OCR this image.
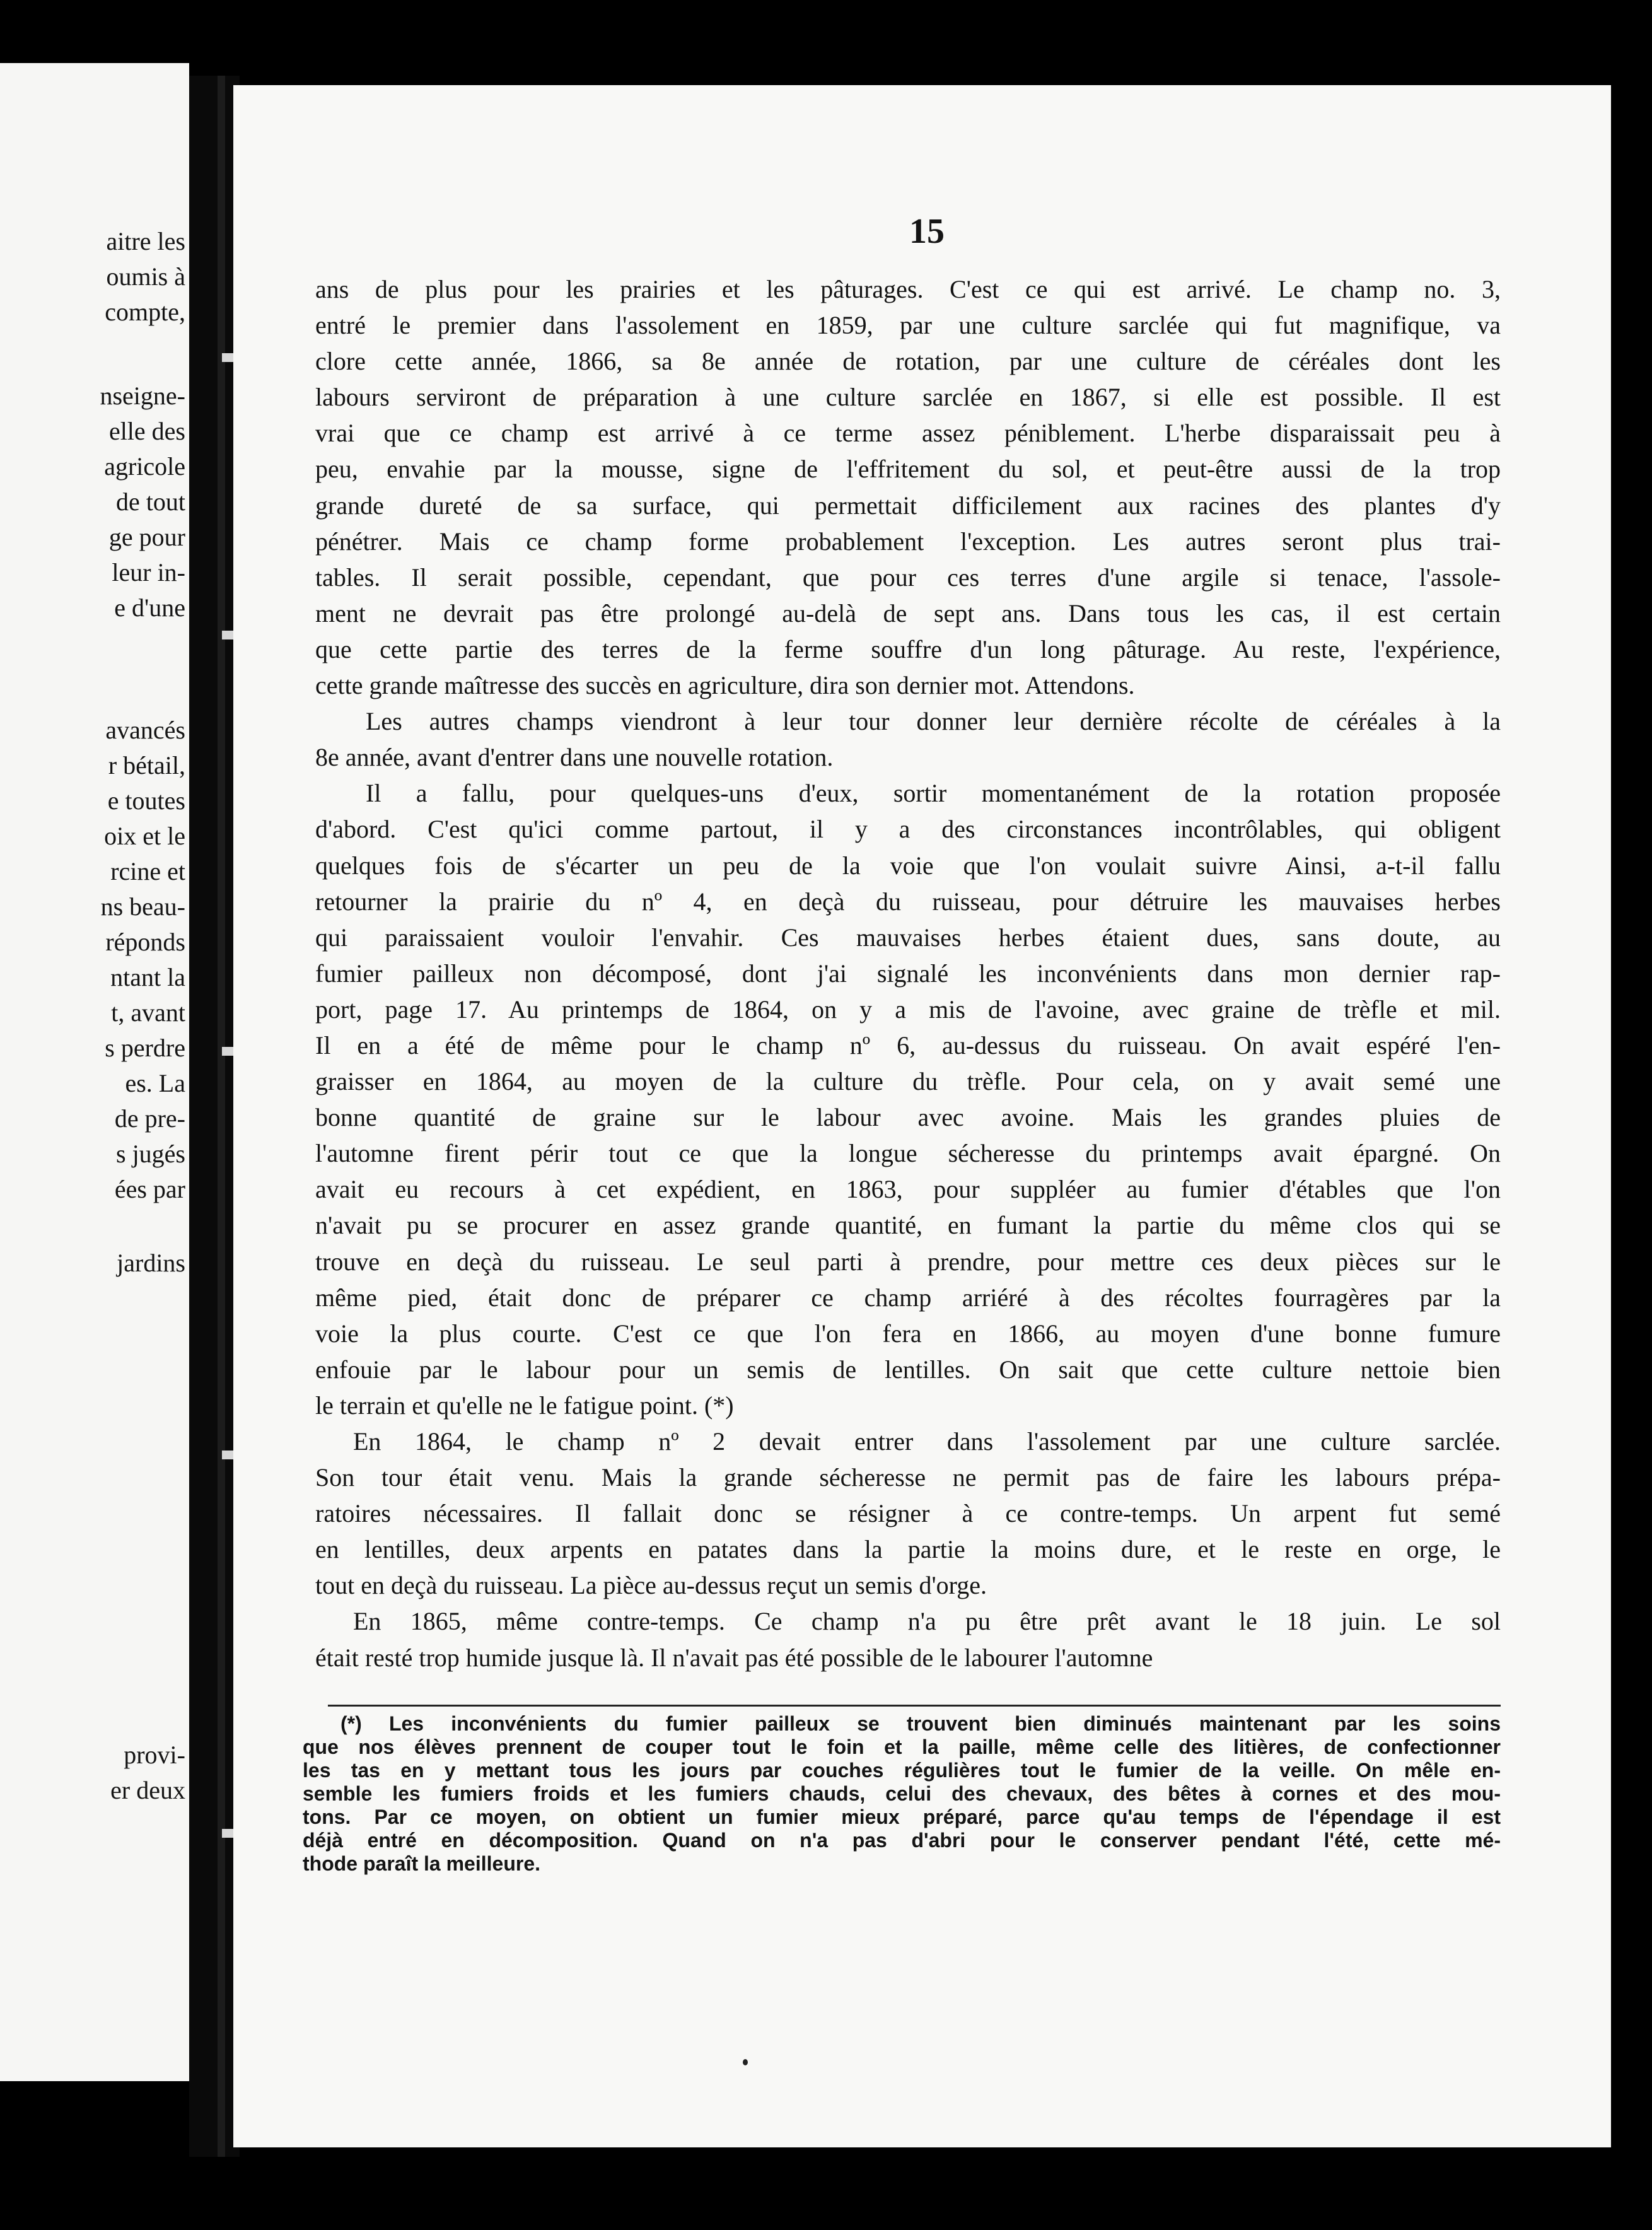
aitre les
oumis à
compte,
nseigne-
elle des
agricole
de tout
ge pour
leur in-
e d'une
avancés
r bétail,
e toutes
oix et le
rcine et
ns beau-
réponds
ntant la
t, avant
s perdre
es. La
de pre-
s jugés
ées par
jardins
provi-
er deux
15
ans de plus pour les prairies et les pâturages. C'est ce qui est arrivé. Le champ no. 3,
entré le premier dans l'assolement en 1859, par une culture sarclée qui fut magnifique, va
clore cette année, 1866, sa 8e année de rotation, par une culture de céréales dont les
labours serviront de préparation à une culture sarclée en 1867, si elle est possible. Il est
vrai que ce champ est arrivé à ce terme assez péniblement. L'herbe disparaissait peu à
peu, envahie par la mousse, signe de l'effritement du sol, et peut-être aussi de la trop
grande dureté de sa surface, qui permettait difficilement aux racines des plantes d'y
pénétrer. Mais ce champ forme probablement l'exception. Les autres seront plus trai-
tables. Il serait possible, cependant, que pour ces terres d'une argile si tenace, l'assole-
ment ne devrait pas être prolongé au-delà de sept ans. Dans tous les cas, il est certain
que cette partie des terres de la ferme souffre d'un long pâturage. Au reste, l'expérience,
cette grande maîtresse des succès en agriculture, dira son dernier mot. Attendons.
Les autres champs viendront à leur tour donner leur dernière récolte de céréales à la
8e année, avant d'entrer dans une nouvelle rotation.
Il a fallu, pour quelques-uns d'eux, sortir momentanément de la rotation proposée
d'abord. C'est qu'ici comme partout, il y a des circonstances incontrôlables, qui obligent
quelques fois de s'écarter un peu de la voie que l'on voulait suivre Ainsi, a-t-il fallu
retourner la prairie du nº 4, en deçà du ruisseau, pour détruire les mauvaises herbes
qui paraissaient vouloir l'envahir. Ces mauvaises herbes étaient dues, sans doute, au
fumier pailleux non décomposé, dont j'ai signalé les inconvénients dans mon dernier rap-
port, page 17. Au printemps de 1864, on y a mis de l'avoine, avec graine de trèfle et mil.
Il en a été de même pour le champ nº 6, au-dessus du ruisseau. On avait espéré l'en-
graisser en 1864, au moyen de la culture du trèfle. Pour cela, on y avait semé une
bonne quantité de graine sur le labour avec avoine. Mais les grandes pluies de
l'automne firent périr tout ce que la longue sécheresse du printemps avait épargné. On
avait eu recours à cet expédient, en 1863, pour suppléer au fumier d'étables que l'on
n'avait pu se procurer en assez grande quantité, en fumant la partie du même clos qui se
trouve en deçà du ruisseau. Le seul parti à prendre, pour mettre ces deux pièces sur le
même pied, était donc de préparer ce champ arriéré à des récoltes fourragères par la
voie la plus courte. C'est ce que l'on fera en 1866, au moyen d'une bonne fumure
enfouie par le labour pour un semis de lentilles. On sait que cette culture nettoie bien
le terrain et qu'elle ne le fatigue point. (*)
En 1864, le champ nº 2 devait entrer dans l'assolement par une culture sarclée.
Son tour était venu. Mais la grande sécheresse ne permit pas de faire les labours prépa-
ratoires nécessaires. Il fallait donc se résigner à ce contre-temps. Un arpent fut semé
en lentilles, deux arpents en patates dans la partie la moins dure, et le reste en orge, le
tout en deçà du ruisseau. La pièce au-dessus reçut un semis d'orge.
En 1865, même contre-temps. Ce champ n'a pu être prêt avant le 18 juin. Le sol
était resté trop humide jusque là. Il n'avait pas été possible de le labourer l'automne
(*) Les inconvénients du fumier pailleux se trouvent bien diminués maintenant par les soins
que nos élèves prennent de couper tout le foin et la paille, même celle des litières, de confectionner
les tas en y mettant tous les jours par couches régulières tout le fumier de la veille. On mêle en-
semble les fumiers froids et les fumiers chauds, celui des chevaux, des bêtes à cornes et des mou-
tons. Par ce moyen, on obtient un fumier mieux préparé, parce qu'au temps de l'épendage il est
déjà entré en décomposition. Quand on n'a pas d'abri pour le conserver pendant l'été, cette mé-
thode paraît la meilleure.
